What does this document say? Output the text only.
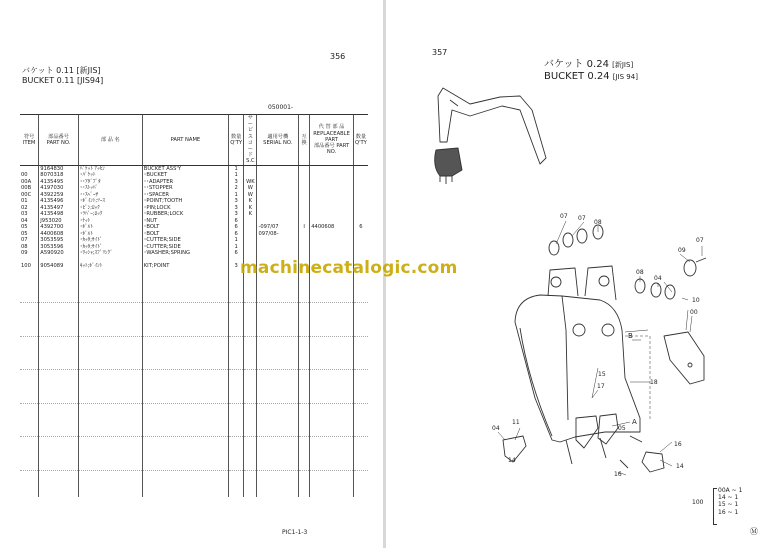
356
バケット 0.11 [新JIS]
BUCKET 0.11 [JIS94]
050001-
符号
ITEM	部品番号
PART NO.	部 品 名	PART NAME	数量
Q'TY	サービスコード
S.C	適用号機
SERIAL NO.	互換	代 替 部 品
REPLACEABLE PART
部品番号 PART NO.	数量
Q'TY
	9164830	ﾊﾞｹｯﾄ ｱｯｾﾝ	BUCKET ASS'Y	1					
00	8070318	･ﾊﾞｹｯﾄ	･BUCKET	1					
00A	4135495	･･ｱﾀﾞﾌﾟﾀ	･･ADAPTER	3	WK				
00B	4197030	･･ｽﾄｯﾊﾟ	･･STOPPER	2	W				
00C	4392259	･･ｽﾍﾟｰｻ	･･SPACER	1	W				
01	4135496	･ﾎﾟｲﾝﾄ;ﾂｰｽ	･POINT;TOOTH	3	K				
02	4135497	･ﾋﾟﾝ;ﾛｯｸ	･PIN;LOCK	3	K				
03	4135498	･ﾗﾊﾞｰ;ﾛｯｸ	･RUBBER;LOCK	3	K				
04	J953020	･ﾅｯﾄ	･NUT	6					
05	4392700	･ﾎﾞﾙﾄ	･BOLT	6		-097/07	I	4400608	6
05	4400608	･ﾎﾞﾙﾄ	･BOLT	6		097/08-			
07	3053595	･ｶｯﾀ;ｻｲﾄﾞ	･CUTTER;SIDE	1					
08	3053596	･ｶｯﾀ;ｻｲﾄﾞ	･CUTTER;SIDE	1					
09	A590920	･ﾜｯｼｬ;ｽﾌﾟﾘﾝｸﾞ	･WASHER;SPRING	6					

100	9054089	ｷｯﾄ;ﾎﾟｲﾝﾄ	KIT;POINT	3					

PIC1-1-3
357
バケット 0.24 [新JIS]
BUCKET 0.24 [JIS 94]
07 07
08
09
07
08
04
10
00
18
15
17
11
04	05
16
16
14
14
B
A
100
00A ~ 1
14 ~ 1
15 ~ 1
16 ~ 1
Ⓜ
machinecatalogic.com
